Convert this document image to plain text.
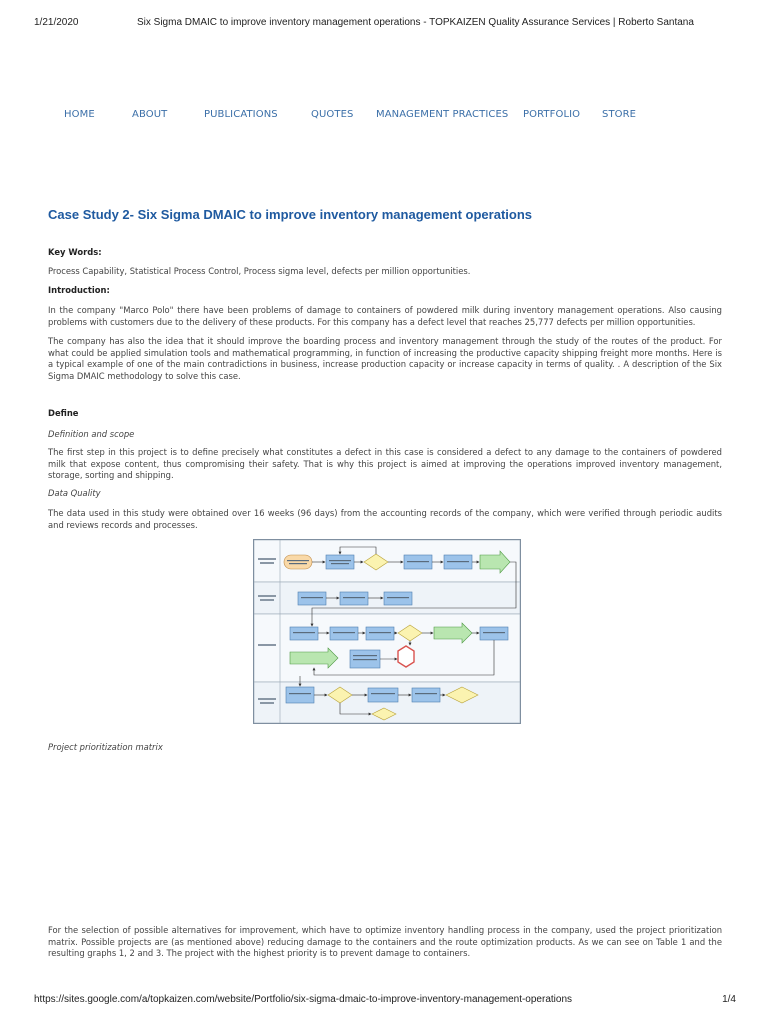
1/21/2020	Six Sigma DMAIC to improve inventory management operations - TOPKAIZEN Quality Assurance Services | Roberto Santana
HOME	ABOUT	PUBLICATIONS	QUOTES MANAGEMENT PRACTICES PORTFOLIO STORE
Case Study 2- Six Sigma DMAIC to improve inventory management operations

Key Words:

Process Capability, Statistical Process Control, Process sigma level, defects per million opportunities.

Introduction:

In the company "Marco Polo" there have been problems of damage to containers of powdered milk during inventory management operations. Also causing problems with customers due to the delivery of these products. For this company has a defect level that reaches 25,777 defects per million opportunities.

The company has also the idea that it should improve the boarding process and inventory management through the study of the routes of the product. For what could be applied simulation tools and mathematical programming, in function of increasing the productive capacity shipping freight more months. Here is a typical example of one of the main contradictions in business, increase production capacity or increase capacity in terms of quality. . A description of the Six Sigma DMAIC methodology to solve this case.

Define

Definition and scope

The first step in this project is to define precisely what constitutes a defect in this case is considered a defect to any damage to the containers of powdered milk that expose content, thus compromising their safety. That is why this project is aimed at improving the operations improved inventory management, storage, sorting and shipping.

Data Quality

The data used in this study were obtained over 16 weeks (96 days) from the accounting records of the company, which were verified through periodic audits and reviews records and processes.

Project prioritization matrix

For the selection of possible alternatives for improvement, which have to optimize inventory handling process in the company, used the project prioritization matrix. Possible projects are (as mentioned above) reducing damage to the containers and the route optimization products. As we can see on Table 1 and the resulting graphs 1, 2 and 3. The project with the highest priority is to prevent damage to containers.

https://sites.google.com/a/topkaizen.com/website/Portfolio/six-sigma-dmaic-to-improve-inventory-management-operations	1/4
